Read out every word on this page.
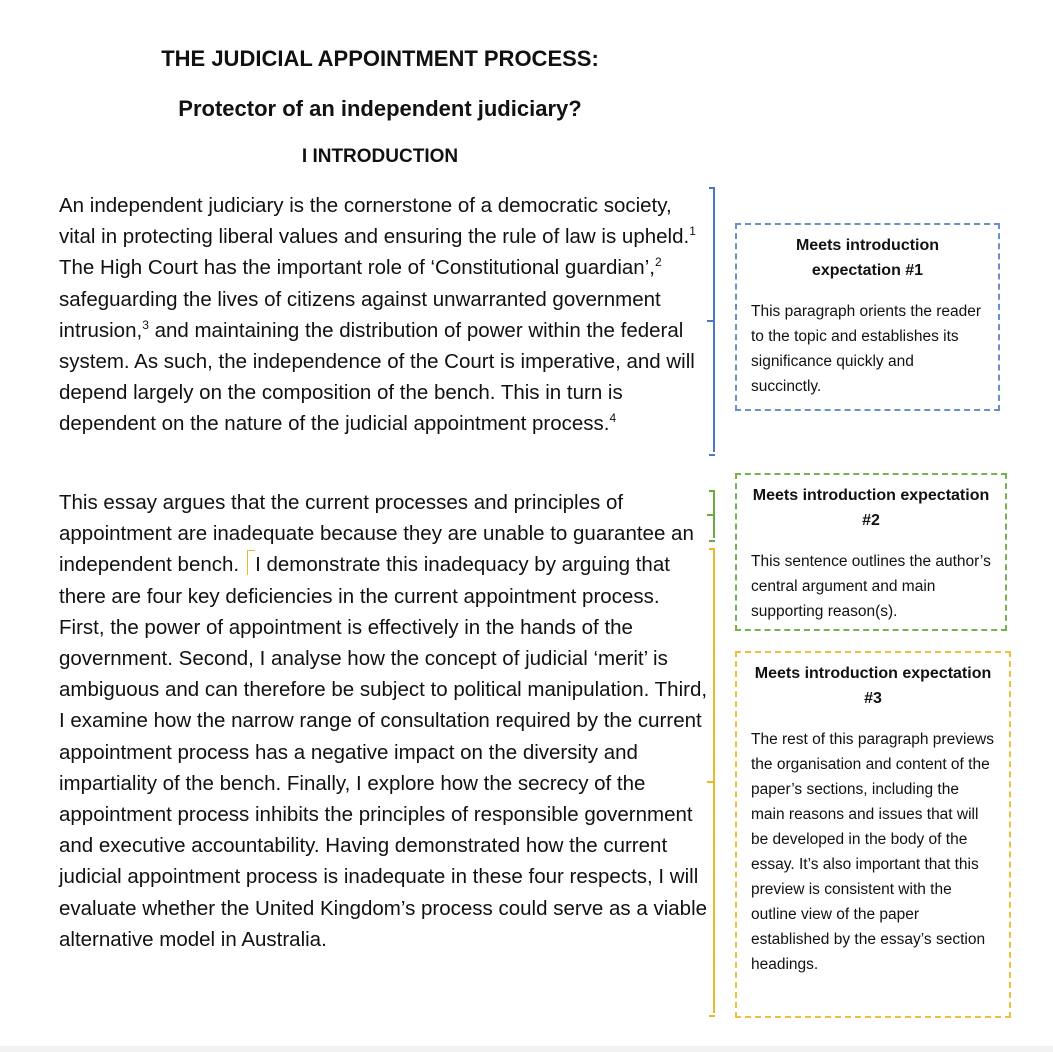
THE JUDICIAL APPOINTMENT PROCESS:
Protector of an independent judiciary?
I INTRODUCTION

An independent judiciary is the cornerstone of a democratic society, vital in protecting liberal values and ensuring the rule of law is upheld.$^1$ The High Court has the important role of ‘Constitutional guardian’,$^2$ safeguarding the lives of citizens against unwarranted government intrusion,$^3$ and maintaining the distribution of power within the federal system. As such, the independence of the Court is imperative, and will depend largely on the composition of the bench. This in turn is dependent on the nature of the judicial appointment process.$^4$

This essay argues that the current processes and principles of appointment are inadequate because they are unable to guarantee an independent bench. I demonstrate this inadequacy by arguing that there are four key deficiencies in the current appointment process. First, the power of appointment is effectively in the hands of the government. Second, I analyse how the concept of judicial ‘merit’ is ambiguous and can therefore be subject to political manipulation. Third, I examine how the narrow range of consultation required by the current appointment process has a negative impact on the diversity and impartiality of the bench. Finally, I explore how the secrecy of the appointment process inhibits the principles of responsible government and executive accountability. Having demonstrated how the current judicial appointment process is inadequate in these four respects, I will evaluate whether the United Kingdom’s process could serve as a viable alternative model in Australia.

Meets introduction expectation #1

This paragraph orients the reader to the topic and establishes its significance quickly and succinctly.

Meets introduction expectation #2

This sentence outlines the author’s central argument and main supporting reason(s).

Meets introduction expectation #3

The rest of this paragraph previews the organisation and content of the paper’s sections, including the main reasons and issues that will be developed in the body of the essay. It’s also important that this preview is consistent with the outline view of the paper established by the essay’s section headings.
